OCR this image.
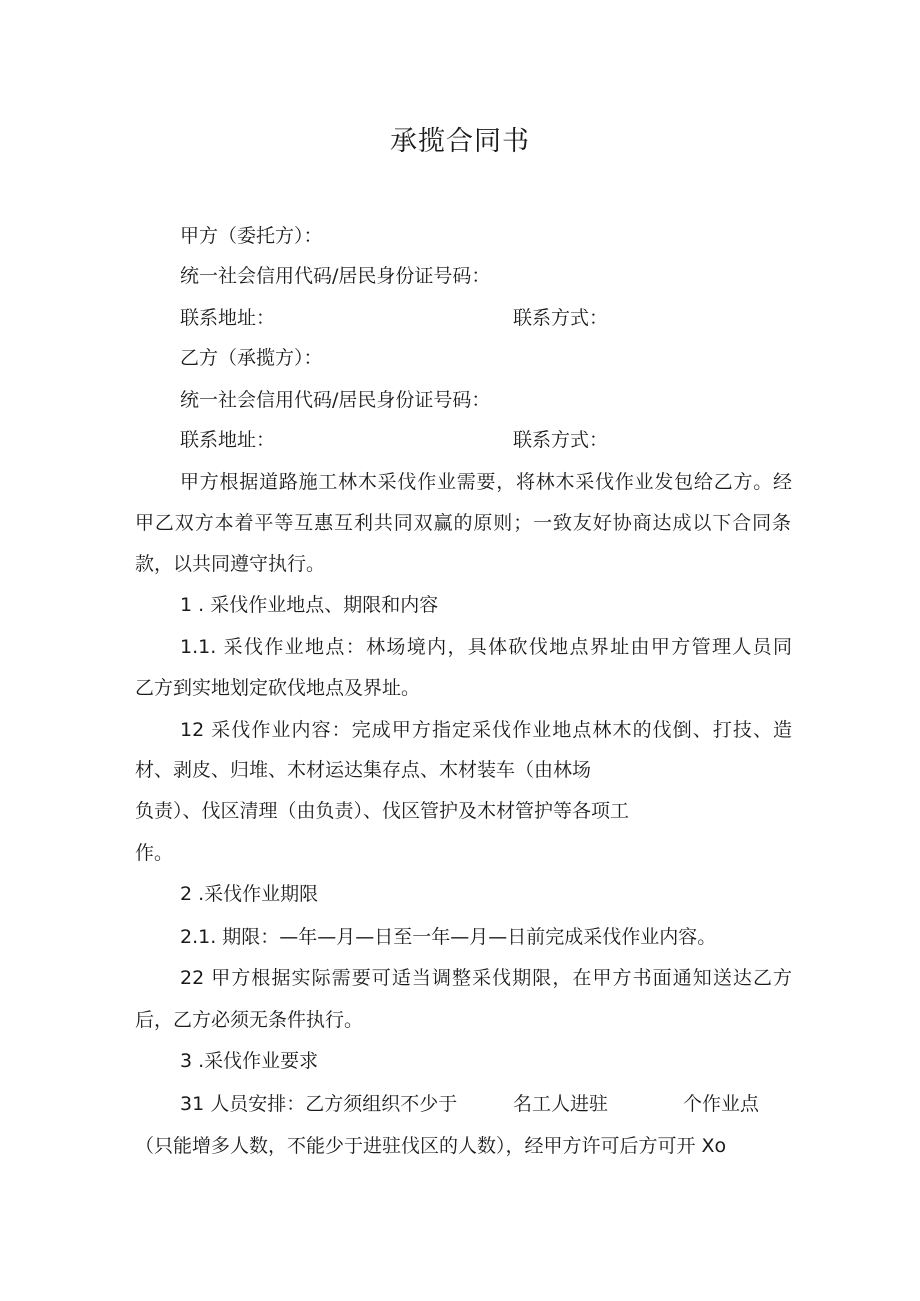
承揽合同书
甲方（委托方）：
统一社会信用代码/居民身份证号码：
联系地址：	联系方式：
乙方（承揽方）：
统一社会信用代码/居民身份证号码：
联系地址：	联系方式：
甲方根据道路施工林木采伐作业需要，将林木采伐作业发包给乙方。经
甲乙双方本着平等互惠互利共同双赢的原则；一致友好协商达成以下合同条
款，以共同遵守执行。
1 . 采伐作业地点、期限和内容
1.1. 采伐作业地点：林场境内，具体砍伐地点界址由甲方管理人员同
乙方到实地划定砍伐地点及界址。
12 采伐作业内容：完成甲方指定采伐作业地点林木的伐倒、打技、造
材、剥皮、归堆、木材运达集存点、木材装车（由林场
负责）、伐区清理（由负责）、伐区管护及木材管护等各项工
作。
2 .采伐作业期限
2.1. 期限：—年—月—日至一年—月—日前完成采伐作业内容。
22 甲方根据实际需要可适当调整采伐期限，在甲方书面通知送达乙方
后，乙方必须无条件执行。
3 .采伐作业要求
31 人员安排：乙方须组织不少于	名工人进驻	个作业点
（只能增多人数，不能少于进驻伐区的人数），经甲方许可后方可开 Xo
